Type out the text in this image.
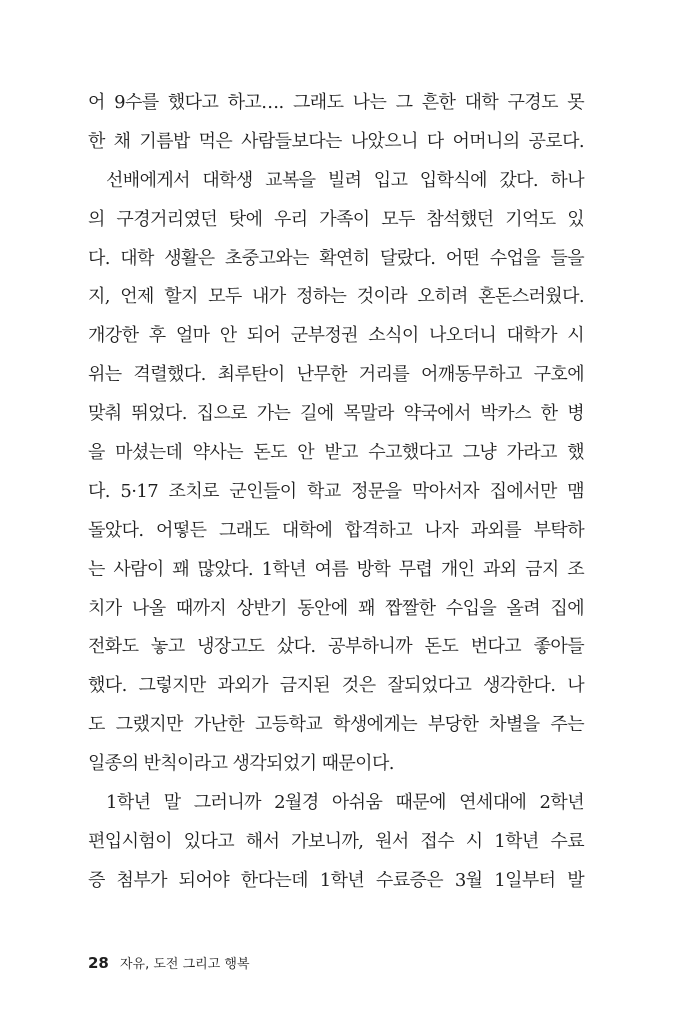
어 9수를 했다고 하고…. 그래도 나는 그 흔한 대학 구경도 못
한 채 기름밥 먹은 사람들보다는 나았으니 다 어머니의 공로다.
선배에게서 대학생 교복을 빌려 입고 입학식에 갔다. 하나
의 구경거리였던 탓에 우리 가족이 모두 참석했던 기억도 있
다. 대학 생활은 초중고와는 확연히 달랐다. 어떤 수업을 들을
지, 언제 할지 모두 내가 정하는 것이라 오히려 혼돈스러웠다.
개강한 후 얼마 안 되어 군부정권 소식이 나오더니 대학가 시
위는 격렬했다. 최루탄이 난무한 거리를 어깨동무하고 구호에
맞춰 뛰었다. 집으로 가는 길에 목말라 약국에서 박카스 한 병
을 마셨는데 약사는 돈도 안 받고 수고했다고 그냥 가라고 했
다. 5·17 조치로 군인들이 학교 정문을 막아서자 집에서만 맴
돌았다. 어떻든 그래도 대학에 합격하고 나자 과외를 부탁하
는 사람이 꽤 많았다. 1학년 여름 방학 무렵 개인 과외 금지 조
치가 나올 때까지 상반기 동안에 꽤 짭짤한 수입을 올려 집에
전화도 놓고 냉장고도 샀다. 공부하니까 돈도 번다고 좋아들
했다. 그렇지만 과외가 금지된 것은 잘되었다고 생각한다. 나
도 그랬지만 가난한 고등학교 학생에게는 부당한 차별을 주는
일종의 반칙이라고 생각되었기 때문이다.
1학년 말 그러니까 2월경 아쉬움 때문에 연세대에 2학년
편입시험이 있다고 해서 가보니까, 원서 접수 시 1학년 수료
증 첨부가 되어야 한다는데 1학년 수료증은 3월 1일부터 발
28 자유, 도전 그리고 행복
